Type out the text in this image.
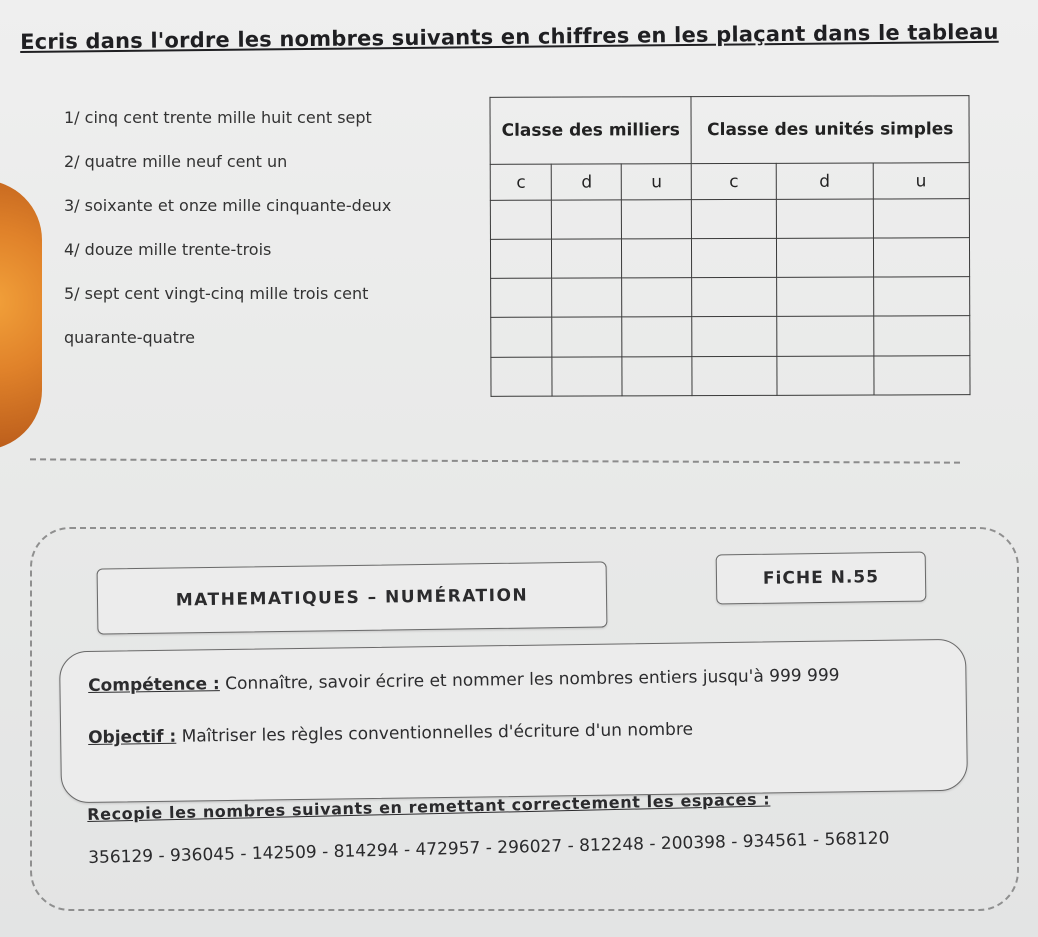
Ecris dans l'ordre les nombres suivants en chiffres en les plaçant dans le tableau
1/ cinq cent trente mille huit cent sept
2/ quatre mille neuf cent un
3/ soixante et onze mille cinquante-deux
4/ douze mille trente-trois
5/ sept cent vingt-cinq mille trois cent
quarante-quatre
Classe des milliers			Classe des unités simples		
c	d	u	c	d	u

MATHEMATIQUES – NUMÉRATION
FiCHE N.55
Compétence : Connaître, savoir écrire et nommer les nombres entiers jusqu'à 999 999
Objectif : Maîtriser les règles conventionnelles d'écriture d'un nombre
Recopie les nombres suivants en remettant correctement les espaces :
356129 - 936045 - 142509 - 814294 - 472957 - 296027 - 812248 - 200398 - 934561 - 568120
